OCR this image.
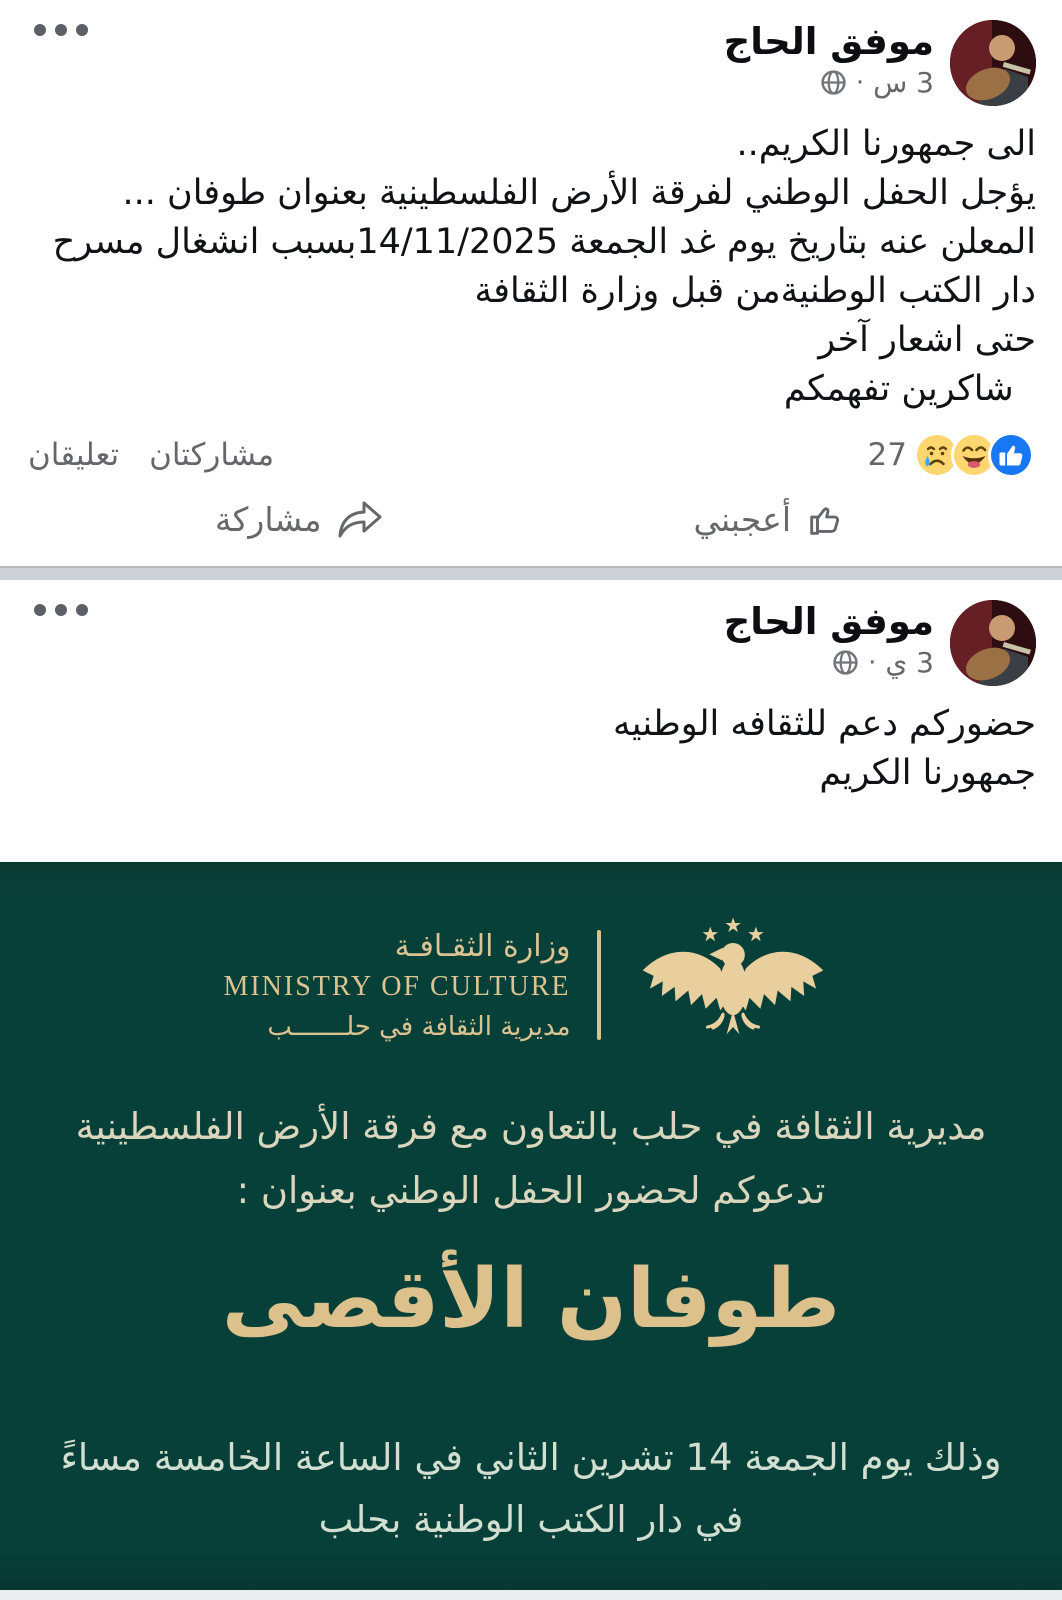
موفق الحاج
3 س
·
الى جمهورنا الكريم..
يؤجل الحفل الوطني لفرقة الأرض الفلسطينية بعنوان طوفان ...
المعلن عنه بتاريخ يوم غد الجمعة 14/11/2025بسبب انشغال مسرح
دار الكتب الوطنيةمن قبل وزارة الثقافة
حتى اشعار آخر
شاكرين تفهمكم
27
مشاركتان
تعليقان
أعجبني
مشاركة
موفق الحاج
3 ي
·
حضوركم دعم للثقافه الوطنيه
جمهورنا الكريم
وزارة الثقـافـة
MINISTRY OF CULTURE
مديرية الثقافة في حلـــــــب
مديرية الثقافة في حلب بالتعاون مع فرقة الأرض الفلسطينية
تدعوكم لحضور الحفل الوطني بعنوان :
طوفان الأقصى
وذلك يوم الجمعة 14 تشرين الثاني في الساعة الخامسة مساءً
في دار الكتب الوطنية بحلب
